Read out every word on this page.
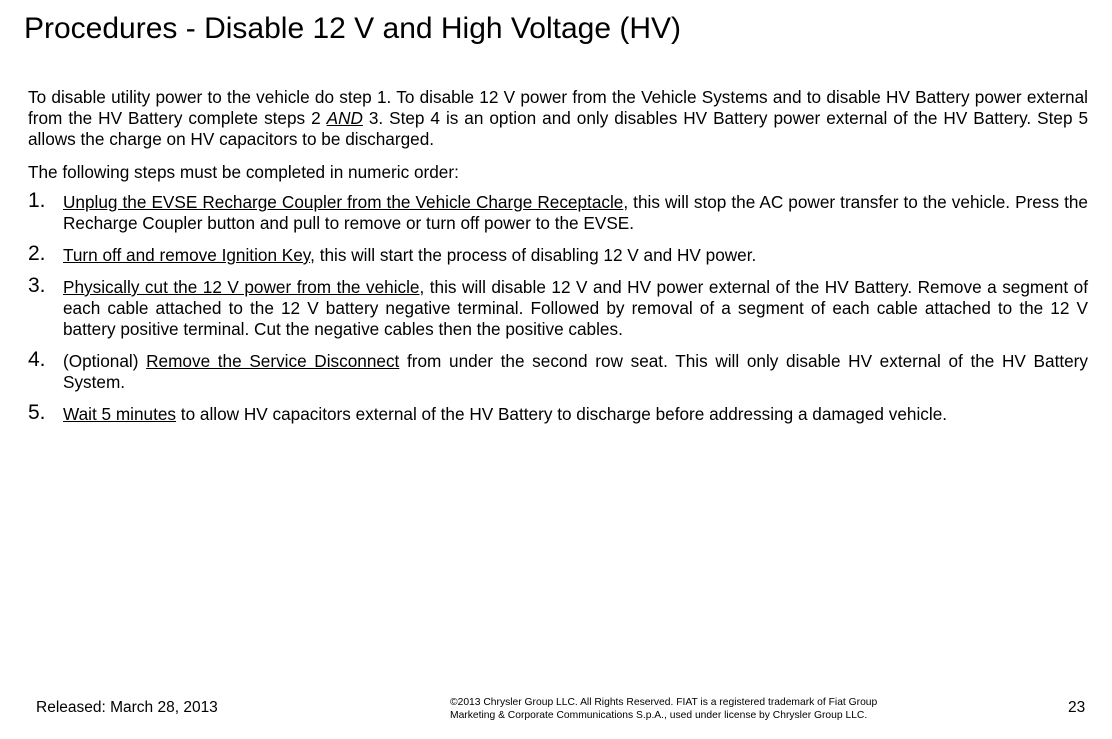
Procedures - Disable 12 V and High Voltage (HV)

To disable utility power to the vehicle do step 1. To disable 12 V power from the Vehicle Systems and to disable HV Battery power external from the HV Battery complete steps 2 AND 3. Step 4 is an option and only disables HV Battery power external of the HV Battery. Step 5 allows the charge on HV capacitors to be discharged.

The following steps must be completed in numeric order:

1. Unplug the EVSE Recharge Coupler from the Vehicle Charge Receptacle, this will stop the AC power transfer to the vehicle. Press the Recharge Coupler button and pull to remove or turn off power to the EVSE.
2. Turn off and remove Ignition Key, this will start the process of disabling 12 V and HV power.
3. Physically cut the 12 V power from the vehicle, this will disable 12 V and HV power external of the HV Battery. Remove a segment of each cable attached to the 12 V battery negative terminal. Followed by removal of a segment of each cable attached to the 12 V battery positive terminal. Cut the negative cables then the positive cables.
4. (Optional) Remove the Service Disconnect from under the second row seat. This will only disable HV external of the HV Battery System.
5. Wait 5 minutes to allow HV capacitors external of the HV Battery to discharge before addressing a damaged vehicle.
Released: March 28, 2013	©2013 Chrysler Group LLC. All Rights Reserved. FIAT is a registered trademark of Fiat Group
Marketing & Corporate Communications S.p.A., used under license by Chrysler Group LLC.	23
